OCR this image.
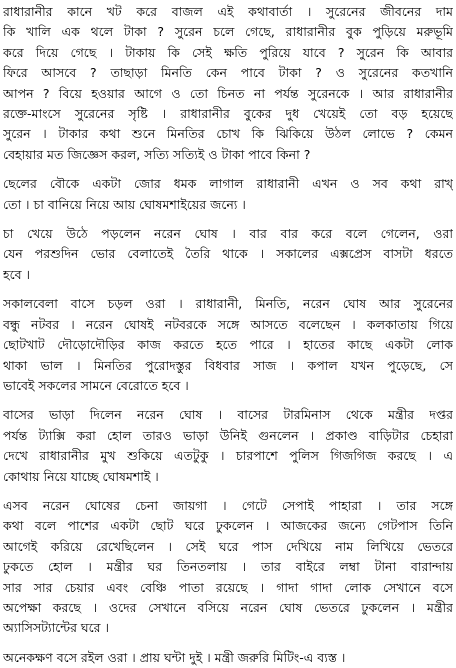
রাধারানীর কানে খট করে বাজল এই কথাবার্তা । সুরেনের জীবনের দাম
কি খালি এক থলে টাকা ? সুরেন চলে গেছে, রাধারানীর বুক পুড়িয়ে মরুভূমি
করে দিয়ে গেছে । টাকায় কি সেই ক্ষতি পুরিয়ে যাবে ? সুরেন কি আবার
ফিরে আসবে ? তাছাড়া মিনতি কেন পাবে টাকা ? ও সুরেনের কতখানি
আপন ? বিয়ে হওয়ার আগে ও তো চিনত না পর্যন্ত সুরেনকে । আর রাধারানীর
রক্তে-মাংসে সুরেনের সৃষ্টি । রাধারানীর বুকের দুধ খেয়েই তো বড় হয়েছে
সুরেন । টাকার কথা শুনে মিনতির চোখ কি ঝিকিয়ে উঠল লোভে ? কেমন
বেহায়ার মত জিজ্ঞেস করল, সত্যি সত্যিই ও টাকা পাবে কিনা ?
ছেলের বৌকে একটা জোর ধমক লাগাল রাধারানী এখন ও সব কথা রাখ্
তো । চা বানিয়ে নিয়ে আয় ঘোষমশাইয়ের জন্যে ।
চা খেয়ে উঠে পড়লেন নরেন ঘোষ । বার বার করে বলে গেলেন, ওরা
যেন পরশুদিন ভোর বেলাতেই তৈরি থাকে । সকালের এক্সপ্রেস বাসটা ধরতে
হবে ।
সকালবেলা বাসে চড়ল ওরা । রাধারানী, মিনতি, নরেন ঘোষ আর সুরেনের
বন্ধু নটবর । নরেন ঘোষই নটবরকে সঙ্গে আসতে বলেছেন । কলকাতায় গিয়ে
ছোটখাট দৌড়োদৌড়ির কাজ করতে হতে পারে । হাতের কাছে একটা লোক
থাকা ভাল । মিনতির পুরোদস্তুর বিধবার সাজ । কপাল যখন পুড়েছে, সে
ভাবেই সকলের সামনে বেরোতে হবে ।
বাসের ভাড়া দিলেন নরেন ঘোষ । বাসের টারমিনাস থেকে মন্ত্রীর দপ্তর
পর্যন্ত ট্যাক্সি করা হোল তারও ভাড়া উনিই গুনলেন । প্রকাণ্ড বাড়িটার চেহারা
দেখে রাধারানীর মুখ শুকিয়ে এতটুকু । চারপাশে পুলিস গিজগিজ করছে । এ
কোথায় নিয়ে যাচ্ছে ঘোষমশাই ।
এসব নরেন ঘোষের চেনা জায়গা । গেটে সেপাই পাহারা । তার সঙ্গে
কথা বলে পাশের একটা ছোট ঘরে ঢুকলেন । আজকের জন্যে গেটপাস তিনি
আগেই করিয়ে রেখেছিলেন । সেই ঘরে পাস দেখিয়ে নাম লিখিয়ে ভেতরে
ঢুকতে হোল । মন্ত্রীর ঘর তিনতলায় । তার বাইরে লম্বা টানা বারান্দায়
সার সার চেয়ার এবং বেঞ্চি পাতা রয়েছে । গাদা গাদা লোক সেখানে বসে
অপেক্ষা করছে । ওদের সেখানে বসিয়ে নরেন ঘোষ ভেতরে ঢুকলেন । মন্ত্রীর
অ্যাসিসট্যান্টের ঘরে ।
অনেকক্ষণ বসে রইল ওরা । প্রায় ঘন্টা দুই । মন্ত্রী জরুরি মিটিং-এ ব্যস্ত ।
